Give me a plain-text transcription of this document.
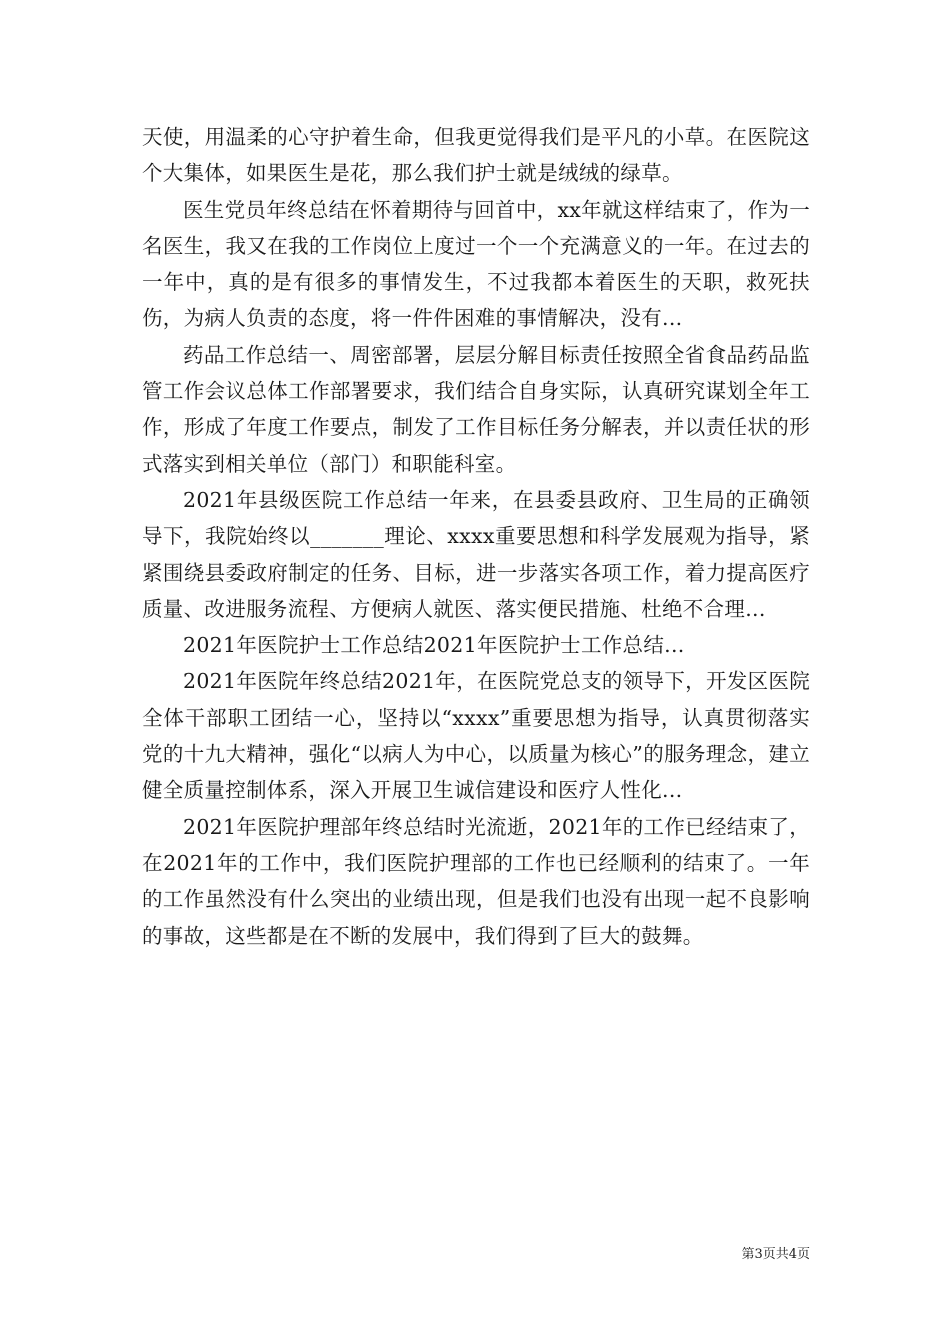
天使，用温柔的心守护着生命，但我更觉得我们是平凡的小草。在医院这个大集体，如果医生是花，那么我们护士就是绒绒的绿草。

医生党员年终总结在怀着期待与回首中，xx年就这样结束了，作为一名医生，我又在我的工作岗位上度过一个一个充满意义的一年。在过去的一年中，真的是有很多的事情发生，不过我都本着医生的天职，救死扶伤，为病人负责的态度，将一件件困难的事情解决，没有...

药品工作总结一、周密部署，层层分解目标责任按照全省食品药品监管工作会议总体工作部署要求，我们结合自身实际，认真研究谋划全年工作，形成了年度工作要点，制发了工作目标任务分解表，并以责任状的形式落实到相关单位（部门）和职能科室。

2021年县级医院工作总结一年来，在县委县政府、卫生局的正确领导下，我院始终以_______理论、xxxx重要思想和科学发展观为指导，紧紧围绕县委政府制定的任务、目标，进一步落实各项工作，着力提高医疗质量、改进服务流程、方便病人就医、落实便民措施、杜绝不合理...

2021年医院护士工作总结2021年医院护士工作总结...

2021年医院年终总结2021年，在医院党总支的领导下，开发区医院全体干部职工团结一心，坚持以“xxxx”重要思想为指导，认真贯彻落实党的十九大精神，强化“以病人为中心，以质量为核心”的服务理念，建立健全质量控制体系，深入开展卫生诚信建设和医疗人性化...

2021年医院护理部年终总结时光流逝，2021年的工作已经结束了，在2021年的工作中，我们医院护理部的工作也已经顺利的结束了。一年的工作虽然没有什么突出的业绩出现，但是我们也没有出现一起不良影响的事故，这些都是在不断的发展中，我们得到了巨大的鼓舞。

第3页共4页
